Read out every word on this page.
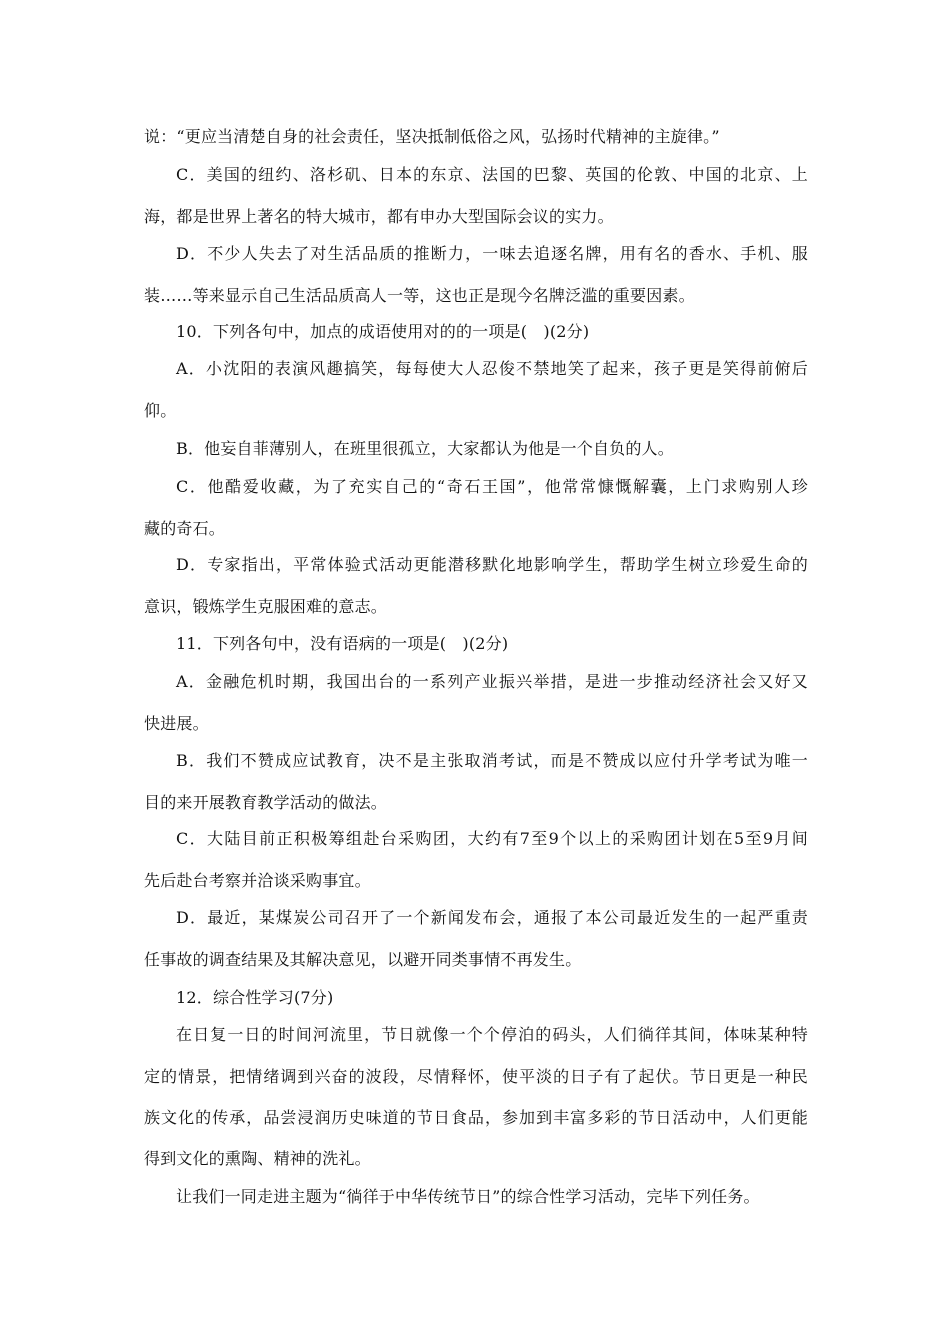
说：“更应当清楚自身的社会责任，坚决抵制低俗之风，弘扬时代精神的主旋律。”
C．美国的纽约、洛杉矶、日本的东京、法国的巴黎、英国的伦敦、中国的北京、上
海，都是世界上著名的特大城市，都有申办大型国际会议的实力。
D．不少人失去了对生活品质的推断力，一味去追逐名牌，用有名的香水、手机、服
装……等来显示自己生活品质高人一等，这也正是现今名牌泛滥的重要因素。
10．下列各句中，加点的成语使用对的的一项是(　)(2分)
A．小沈阳的表演风趣搞笑，每每使大人忍俊不禁地笑了起来，孩子更是笑得前俯后
仰。
B．他妄自菲薄别人，在班里很孤立，大家都认为他是一个自负的人。
C．他酷爱收藏，为了充实自己的“奇石王国”，他常常慷慨解囊，上门求购别人珍
藏的奇石。
D．专家指出，平常体验式活动更能潜移默化地影响学生，帮助学生树立珍爱生命的
意识，锻炼学生克服困难的意志。
11．下列各句中，没有语病的一项是(　)(2分)
A．金融危机时期，我国出台的一系列产业振兴举措，是进一步推动经济社会又好又
快进展。
B．我们不赞成应试教育，决不是主张取消考试，而是不赞成以应付升学考试为唯一
目的来开展教育教学活动的做法。
C．大陆目前正积极筹组赴台采购团，大约有7至9个以上的采购团计划在5至9月间
先后赴台考察并洽谈采购事宜。
D．最近，某煤炭公司召开了一个新闻发布会，通报了本公司最近发生的一起严重责
任事故的调查结果及其解决意见，以避开同类事情不再发生。
12．综合性学习(7分)
在日复一日的时间河流里，节日就像一个个停泊的码头，人们徜徉其间，体味某种特
定的情景，把情绪调到兴奋的波段，尽情释怀，使平淡的日子有了起伏。节日更是一种民
族文化的传承，品尝浸润历史味道的节日食品，参加到丰富多彩的节日活动中，人们更能
得到文化的熏陶、精神的洗礼。
让我们一同走进主题为“徜徉于中华传统节日”的综合性学习活动，完毕下列任务。
